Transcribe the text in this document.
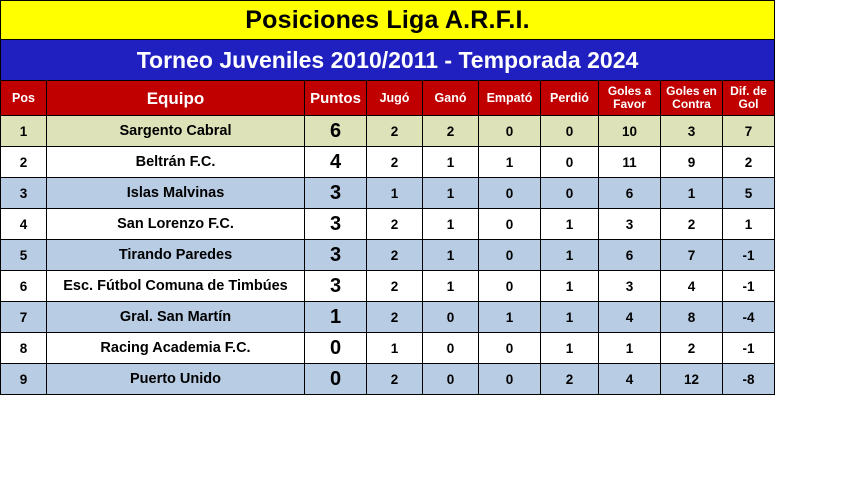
Posiciones Liga A.R.F.I.									
Torneo Juveniles 2010/2011 - Temporada 2024									
Pos	Equipo	Puntos	Jugó	Ganó	Empató	Perdió	Goles a Favor	Goles en Contra	Dif. de Gol
1	Sargento Cabral	6	2	2	0	0	10	3	7
2	Beltrán F.C.	4	2	1	1	0	11	9	2
3	Islas Malvinas	3	1	1	0	0	6	1	5
4	San Lorenzo F.C.	3	2	1	0	1	3	2	1
5	Tirando Paredes	3	2	1	0	1	6	7	-1
6	Esc. Fútbol Comuna de Timbúes	3	2	1	0	1	3	4	-1
7	Gral. San Martín	1	2	0	1	1	4	8	-4
8	Racing Academia F.C.	0	1	0	0	1	1	2	-1
9	Puerto Unido	0	2	0	0	2	4	12	-8
